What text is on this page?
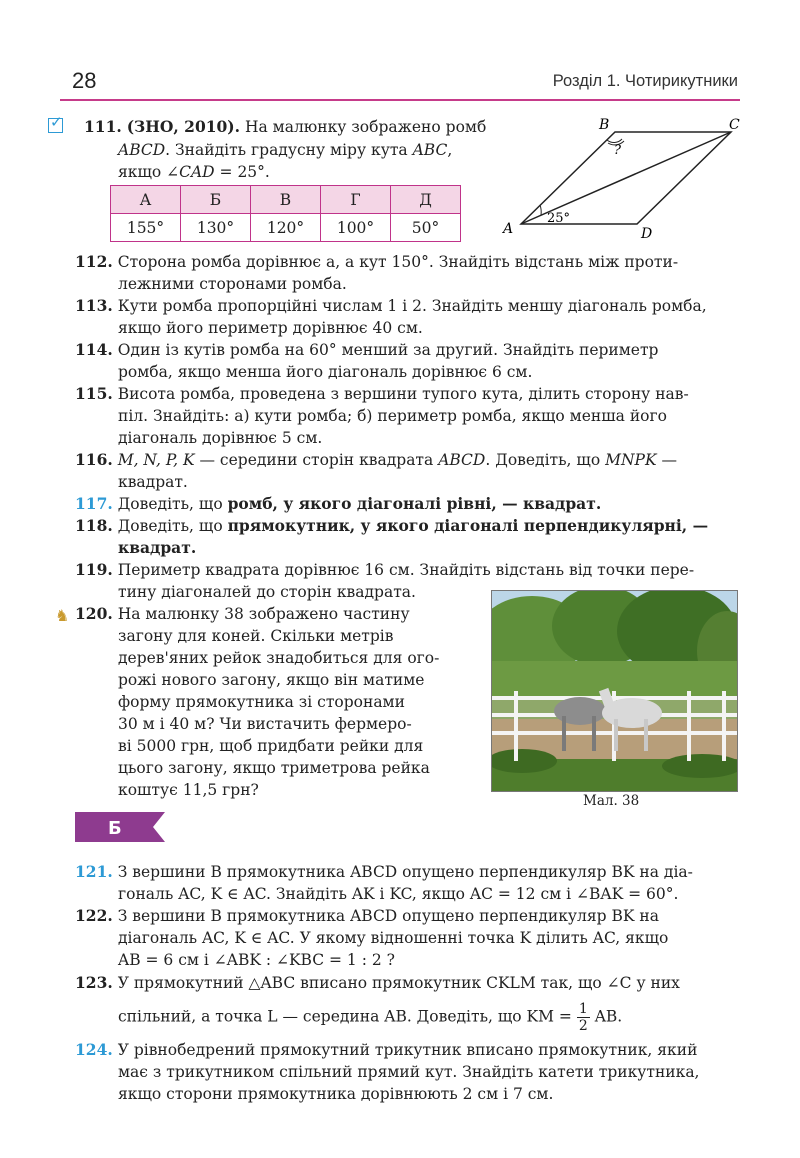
28	Розділ 1. Чотирикутники
✓ 111. (ЗНО, 2010). На малюнку зображено ромб
ABCD. Знайдіть градусну міру кута ABC,
якщо ∠CAD = 25°.
А	Б	В	Г	Д
155°	130°	120°	100°	50°
B	C
A	D
25°
?
112. Сторона ромба дорівнює a, а кут 150°. Знайдіть відстань між проти-
лежними сторонами ромба.
113. Кути ромба пропорційні числам 1 і 2. Знайдіть меншу діагональ ромба,
якщо його периметр дорівнює 40 см.
114. Один із кутів ромба на 60° менший за другий. Знайдіть периметр
ромба, якщо менша його діагональ дорівнює 6 см.
115. Висота ромба, проведена з вершини тупого кута, ділить сторону нав-
піл. Знайдіть: а) кути ромба; б) периметр ромба, якщо менша його
діагональ дорівнює 5 см.
116. M, N, P, K — середини сторін квадрата ABCD. Доведіть, що MNPK —
квадрат.
117. Доведіть, що ромб, у якого діагоналі рівні, — квадрат.
118. Доведіть, що прямокутник, у якого діагоналі перпендикулярні, —
квадрат.
119. Периметр квадрата дорівнює 16 см. Знайдіть відстань від точки пере-
тину діагоналей до сторін квадрата.
♞ 120. На малюнку 38 зображено частину
загону для коней. Скільки метрів
дерев'яних рейок знадобиться для огo-
рожі нового загону, якщо він матиме
форму прямокутника зі сторонами
30 м і 40 м? Чи вистачить фермеро-
ві 5000 грн, щоб придбати рейки для
цього загону, якщо триметрова рейка
коштує 11,5 грн?
Мал. 38
Б
121. З вершини B прямокутника ABCD опущено перпендикуляр BK на діа-
гональ AC, K ∈ AC. Знайдіть AK і KC, якщо AC = 12 см і ∠BAK = 60°.
122. З вершини B прямокутника ABCD опущено перпендикуляр BK на
діагональ AC, K ∈ AC. У якому відношенні точка K ділить AC, якщо
AB = 6 см і ∠ABK : ∠KBC = 1 : 2 ?
123. У прямокутний △ABC вписано прямокутник CKLM так, що ∠C у них
спільний, а точка L — середина AB. Доведіть, що KM = $\frac{1}{2}$ AB.
124. У рівнобедрений прямокутний трикутник вписано прямокутник, який
має з трикутником спільний прямий кут. Знайдіть катети трикутника,
якщо сторони прямокутника дорівнюють 2 см і 7 см.
